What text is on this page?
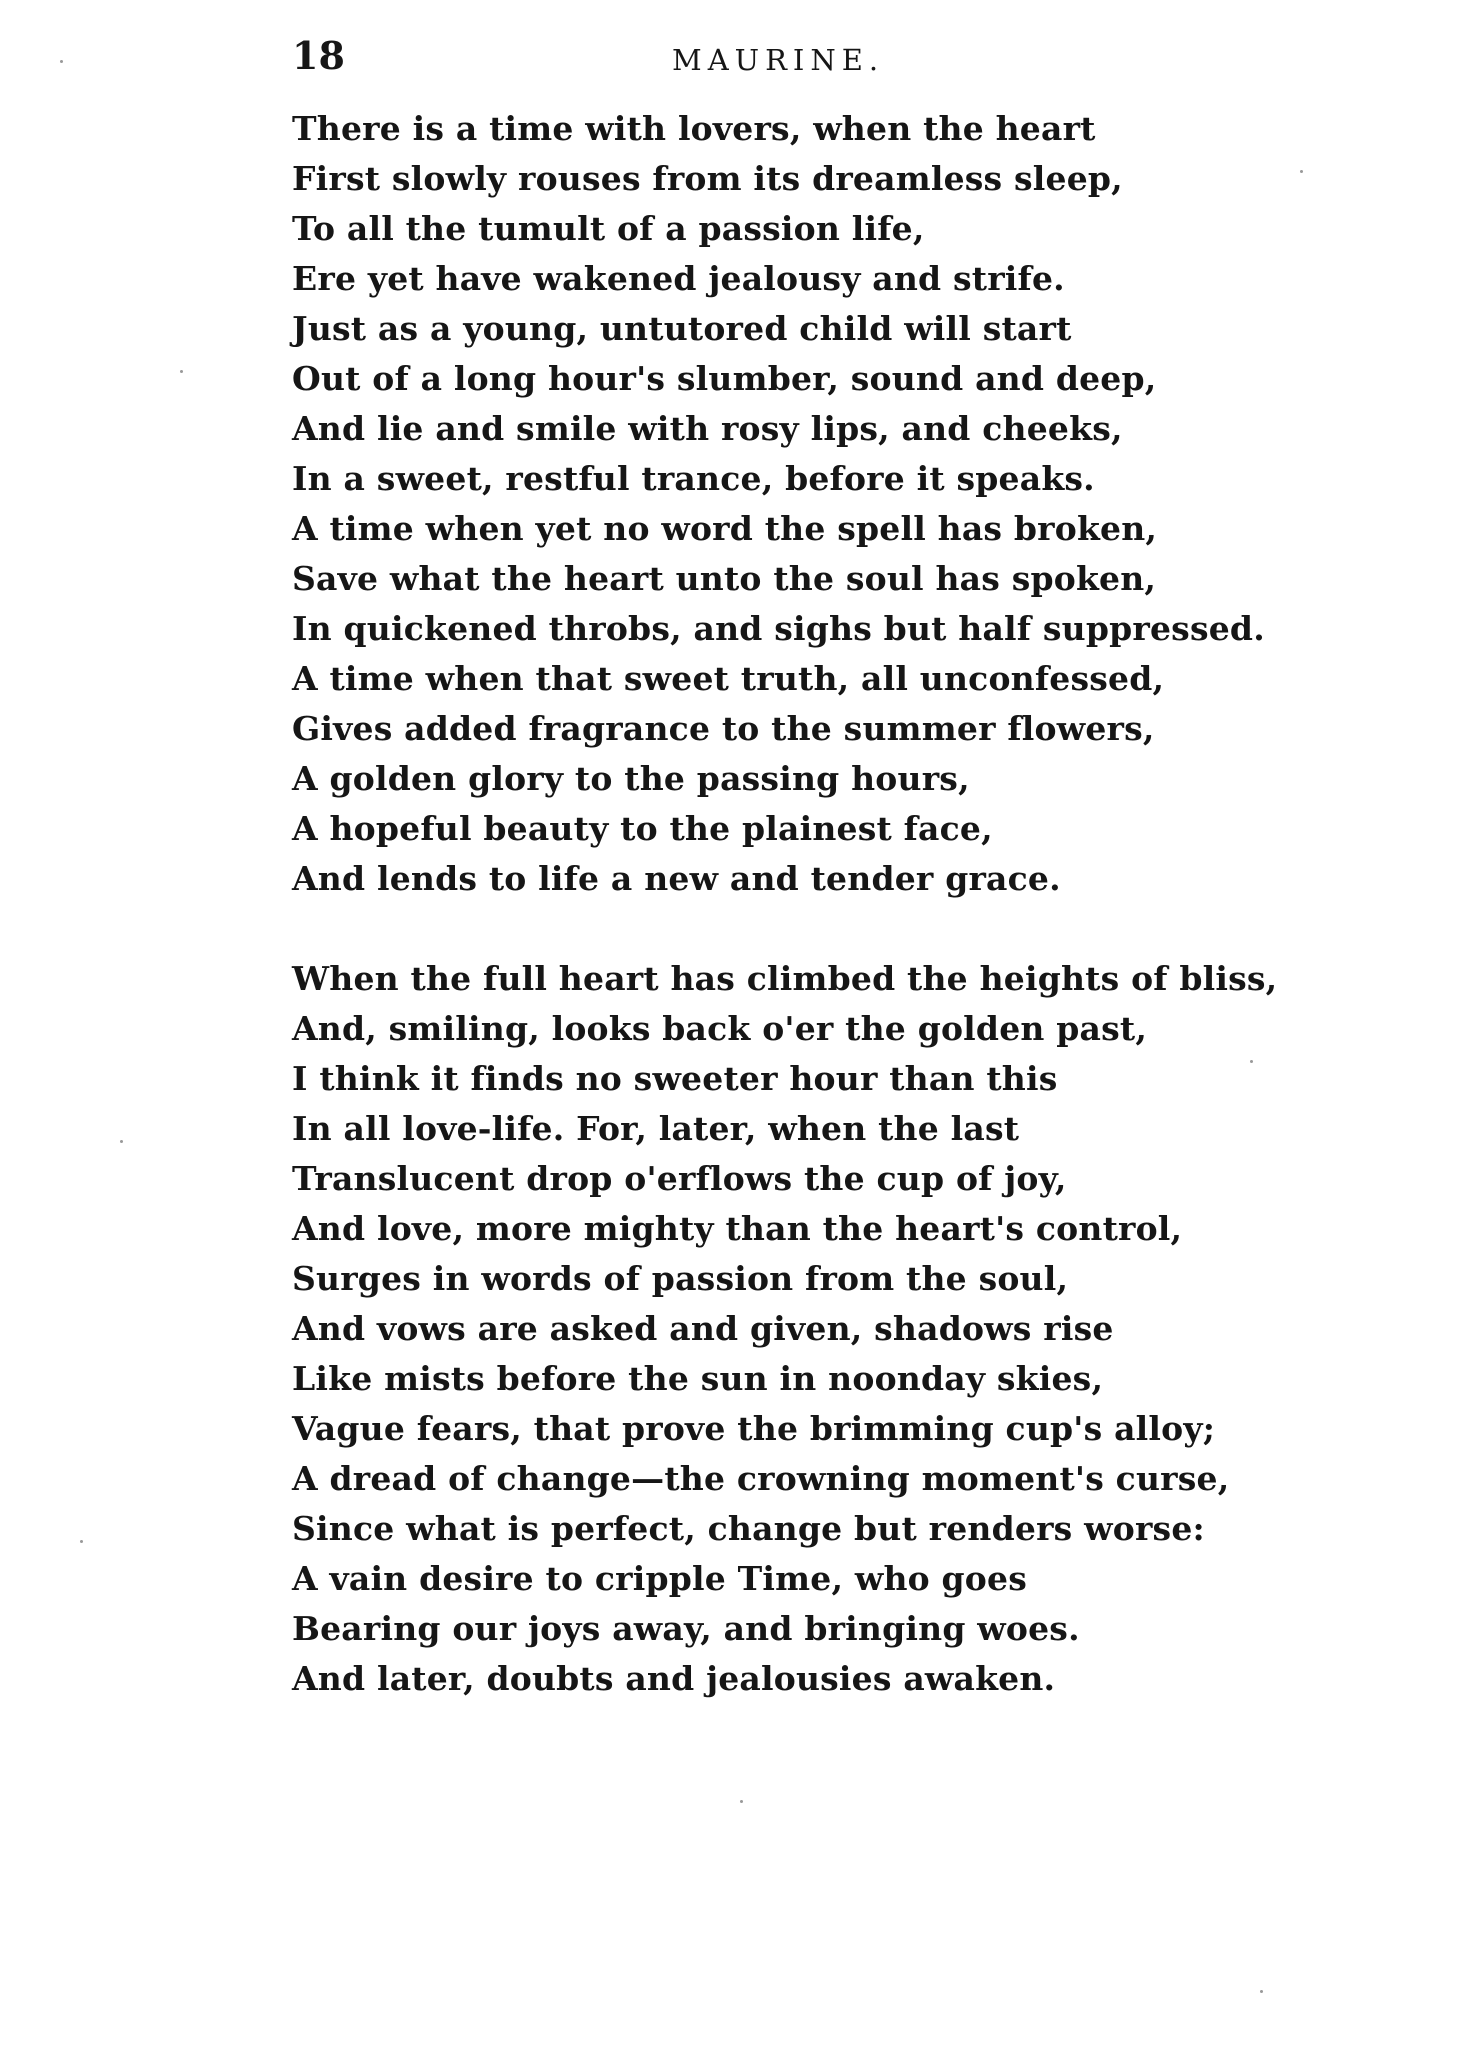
18	MAURINE.
There is a time with lovers, when the heart
First slowly rouses from its dreamless sleep,
To all the tumult of a passion life,
Ere yet have wakened jealousy and strife.
Just as a young, untutored child will start
Out of a long hour's slumber, sound and deep,
And lie and smile with rosy lips, and cheeks,
In a sweet, restful trance, before it speaks.
A time when yet no word the spell has broken,
Save what the heart unto the soul has spoken,
In quickened throbs, and sighs but half suppressed.
A time when that sweet truth, all unconfessed,
Gives added fragrance to the summer flowers,
A golden glory to the passing hours,
A hopeful beauty to the plainest face,
And lends to life a new and tender grace.
When the full heart has climbed the heights of bliss,
And, smiling, looks back o'er the golden past,
I think it finds no sweeter hour than this
In all love-life. For, later, when the last
Translucent drop o'erflows the cup of joy,
And love, more mighty than the heart's control,
Surges in words of passion from the soul,
And vows are asked and given, shadows rise
Like mists before the sun in noonday skies,
Vague fears, that prove the brimming cup's alloy;
A dread of change—the crowning moment's curse,
Since what is perfect, change but renders worse:
A vain desire to cripple Time, who goes
Bearing our joys away, and bringing woes.
And later, doubts and jealousies awaken.
